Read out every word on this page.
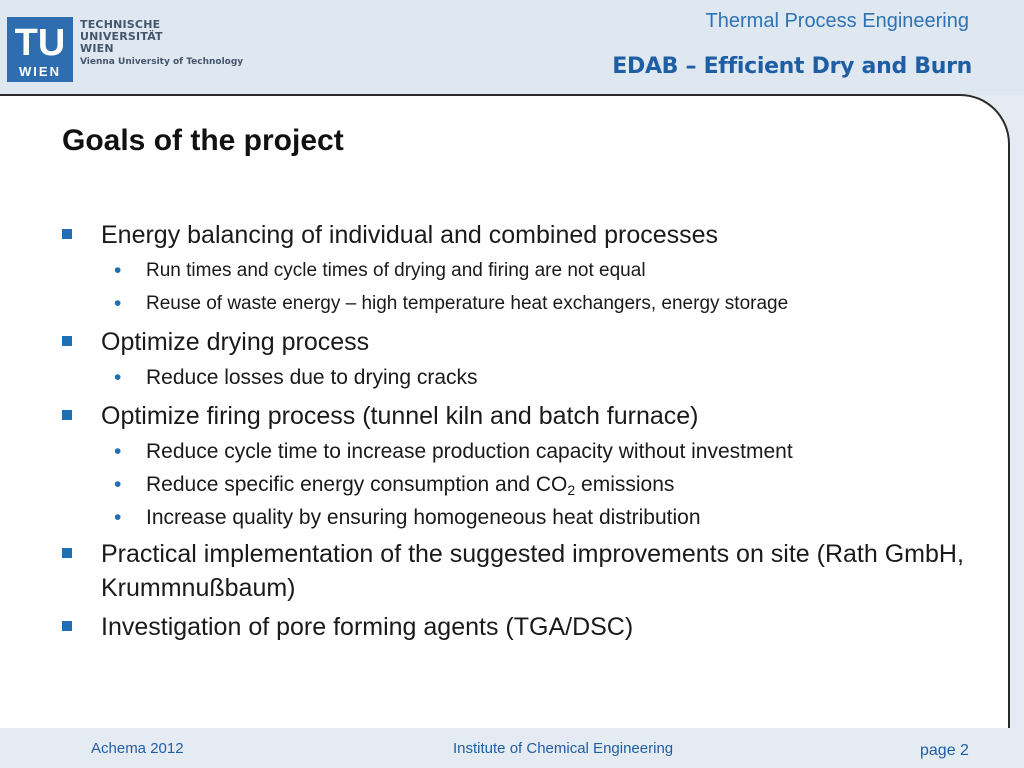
TU
WIEN
TECHNISCHE
UNIVERSITÄT
WIEN
Vienna University of Technology
Thermal Process Engineering
EDAB – Efficient Dry and Burn
Goals of the project
Energy balancing of individual and combined processes
• Run times and cycle times of drying and firing are not equal
• Reuse of waste energy – high temperature heat exchangers, energy storage
Optimize drying process
• Reduce losses due to drying cracks
Optimize firing process (tunnel kiln and batch furnace)
• Reduce cycle time to increase production capacity without investment
• Reduce specific energy consumption and $CO_2$ emissions
• Increase quality by ensuring homogeneous heat distribution
Practical implementation of the suggested improvements on site (Rath GmbH, Krummnußbaum)
Investigation of pore forming agents (TGA/DSC)
Achema 2012	Institute of Chemical Engineering	page 2
